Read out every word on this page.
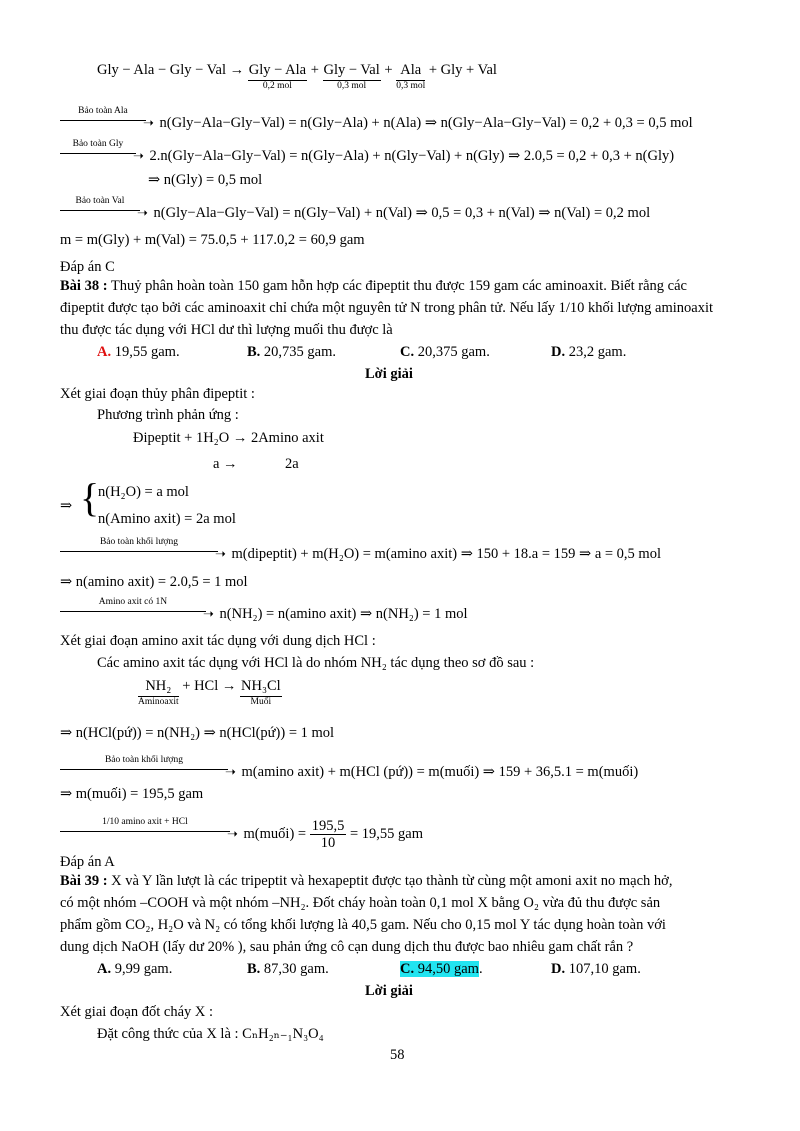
Gly − Ala − Gly − Val → Gly − Ala
0,2 mol
+ Gly − Val
0,3 mol
+ Ala
0,3 mol
+ Gly + Val
Bảo toàn Ala
➝ n(Gly−Ala−Gly−Val) = n(Gly−Ala) + n(Ala) ⇒ n(Gly−Ala−Gly−Val) = 0,2 + 0,3 = 0,5 mol
Bảo toàn Gly
➝ 2.n(Gly−Ala−Gly−Val) = n(Gly−Ala) + n(Gly−Val) + n(Gly) ⇒ 2.0,5 = 0,2 + 0,3 + n(Gly)
⇒ n(Gly) = 0,5 mol
Bảo toàn Val
➝ n(Gly−Ala−Gly−Val) = n(Gly−Val) + n(Val) ⇒ 0,5 = 0,3 + n(Val) ⇒ n(Val) = 0,2 mol
m = m(Gly) + m(Val) = 75.0,5 + 117.0,2 = 60,9 gam
Đáp án C
Bài 38 : Thuỷ phân hoàn toàn 150 gam hỗn hợp các đipeptit thu được 159 gam các aminoaxit. Biết rằng các
đipeptit được tạo bởi các aminoaxit chỉ chứa một nguyên tử N trong phân tử. Nếu lấy 1/10 khối lượng aminoaxit
thu được tác dụng với HCl dư thì lượng muối thu được là
A. 19,55 gam.	B. 20,735 gam.	C. 20,375 gam.	D. 23,2 gam.
Lời giải
Xét giai đoạn thủy phân đipeptit :
Phương trình phản ứng :
Đipeptit + 1H₂O → 2Amino axit
a →	2a
⇒ {
n(H₂O) = a mol
n(Amino axit) = 2a mol
Bảo toàn khối lượng
➝ m(dipeptit) + m(H₂O) = m(amino axit) ⇒ 150 + 18.a = 159 ⇒ a = 0,5 mol
⇒ n(amino axit) = 2.0,5 = 1 mol
Amino axit có 1N
➝ n(NH₂) = n(amino axit) ⇒ n(NH₂) = 1 mol
Xét giai đoạn amino axit tác dụng với dung dịch HCl :
Các amino axit tác dụng với HCl là do nhóm NH₂ tác dụng theo sơ đồ sau :
NH₂
Aminoaxit
+ HCl → NH₃Cl
Muối
⇒ n(HCl(pứ)) = n(NH₂) ⇒ n(HCl(pứ)) = 1 mol
Bảo toàn khối lượng
➝ m(amino axit) + m(HCl (pứ)) = m(muối) ⇒ 159 + 36,5.1 = m(muối)
⇒ m(muối) = 195,5 gam
1/10 amino axit + HCl
➝ m(muối) = $\frac{195,5}{10} = 19,55$ gam
Đáp án A
Bài 39 : X và Y lần lượt là các tripeptit và hexapeptit được tạo thành từ cùng một amoni axit no mạch hở,
có một nhóm –COOH và một nhóm –NH₂. Đốt cháy hoàn toàn 0,1 mol X bằng O₂ vừa đủ thu được sản
phẩm gồm CO₂, H₂O và N₂ có tổng khối lượng là 40,5 gam. Nếu cho 0,15 mol Y tác dụng hoàn toàn với
dung dịch NaOH (lấy dư 20% ), sau phản ứng cô cạn dung dịch thu được bao nhiêu gam chất rắn ?
A. 9,99 gam.	B. 87,30 gam.	C. 94,50 gam.	D. 107,10 gam.
Lời giải
Xét giai đoạn đốt cháy X :
Đặt công thức của X là : CₙH₂ₙ₋₁N₃O₄
58
